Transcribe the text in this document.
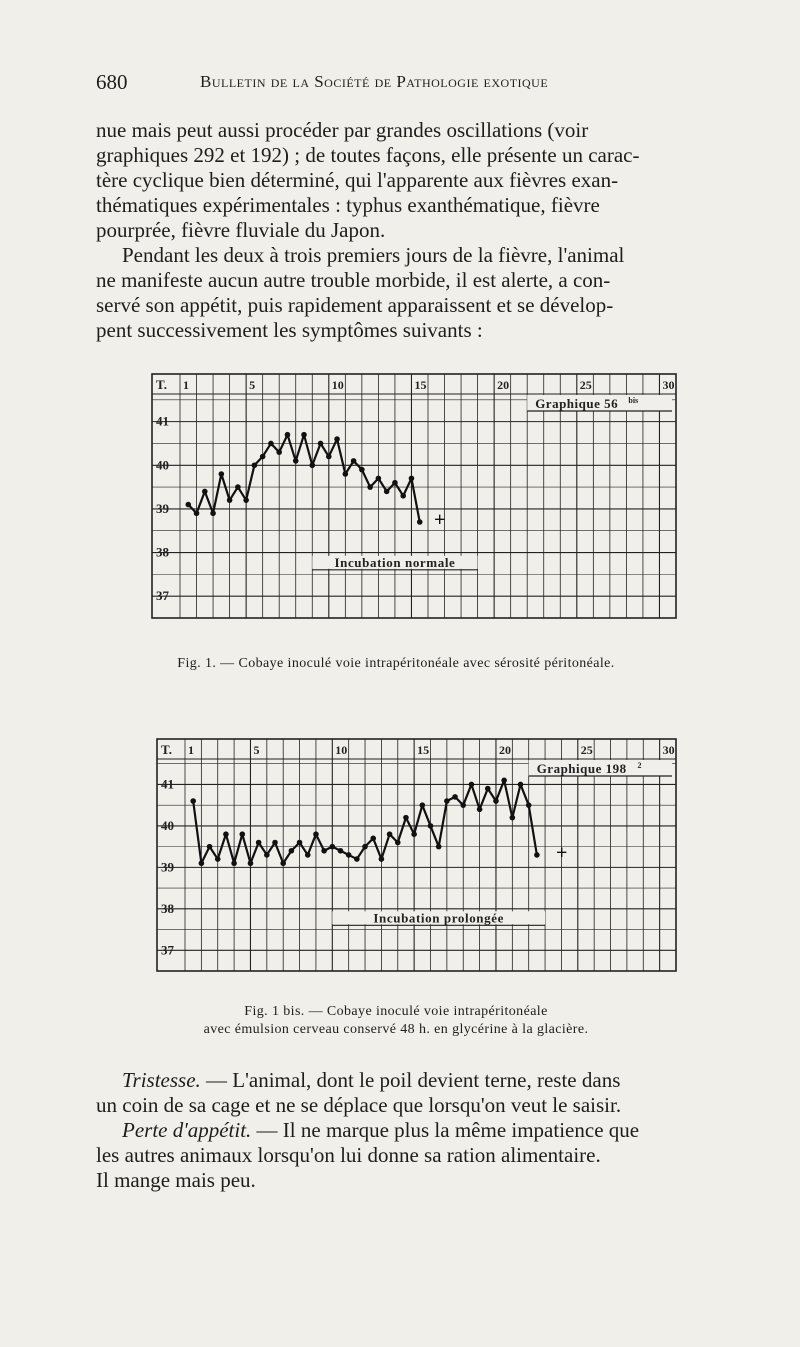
680	Bulletin de la Société de Pathologie exotique

nue mais peut aussi procéder par grandes oscillations (voir

graphiques 292 et 192) ; de toutes façons, elle présente un carac-

tère cyclique bien déterminé, qui l'apparente aux fièvres exan-

thématiques expérimentales : typhus exanthématique, fièvre

pourprée, fièvre fluviale du Japon.

Pendant les deux à trois premiers jours de la fièvre, l'animal

ne manifeste aucun autre trouble morbide, il est alerte, a con-

servé son appétit, puis rapidement apparaissent et se dévelop-

pent successivement les symptômes suivants :

T. 1	5	10	15	20	25	30
41
40
39
38
37
Graphique 56 bis
Incubation normale
+
Fig. 1. — Cobaye inoculé voie intrapéritonéale avec sérosité péritonéale.
T. 1	5	10	15	20	25	30
41
40
39
38
37
Graphique 198 2
Incubation prolongée
+
Fig. 1 bis. — Cobaye inoculé voie intrapéritonéale
avec émulsion cerveau conservé 48 h. en glycérine à la glacière.

Tristesse. — L'animal, dont le poil devient terne, reste dans

un coin de sa cage et ne se déplace que lorsqu'on veut le saisir.

Perte d'appétit. — Il ne marque plus la même impatience que

les autres animaux lorsqu'on lui donne sa ration alimentaire.

Il mange mais peu.
